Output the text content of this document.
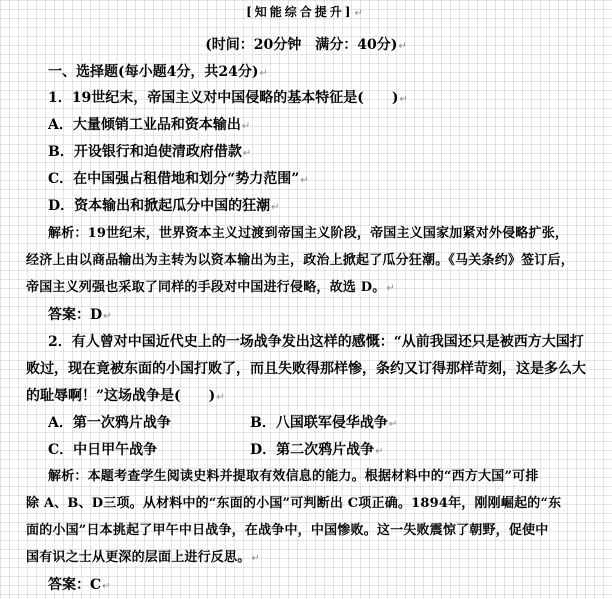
[知能综合提升]↵
(时间：20分钟　满分：40分)↵
一、选择题(每小题4分，共24分)↵
1．19世纪末，帝国主义对中国侵略的基本特征是(　　)↵
A．大量倾销工业品和资本输出↵
B．开设银行和迫使清政府借款↵
C．在中国强占租借地和划分“势力范围”↵
D．资本输出和掀起瓜分中国的狂潮↵
解析：19世纪末，世界资本主义过渡到帝国主义阶段，帝国主义国家加紧对外侵略扩张，
经济上由以商品输出为主转为以资本输出为主，政治上掀起了瓜分狂潮。《马关条约》签订后，
帝国主义列强也采取了同样的手段对中国进行侵略，故选 D。↵
答案：D↵
2．有人曾对中国近代史上的一场战争发出这样的感慨：“从前我国还只是被西方大国打
败过，现在竟被东面的小国打败了，而且失败得那样惨，条约又订得那样苛刻，这是多么大
的耻辱啊！”这场战争是(　　)↵
A．第一次鸦片战争	B．八国联军侵华战争↵
C．中日甲午战争	D．第二次鸦片战争↵
解析：本题考查学生阅读史料并提取有效信息的能力。根据材料中的“西方大国”可排
除 A、B、D三项。从材料中的“东面的小国”可判断出 C项正确。1894年，刚刚崛起的“东
面的小国”日本挑起了甲午中日战争，在战争中，中国惨败。这一失败震惊了朝野，促使中
国有识之士从更深的层面上进行反思。↵
答案：C↵
